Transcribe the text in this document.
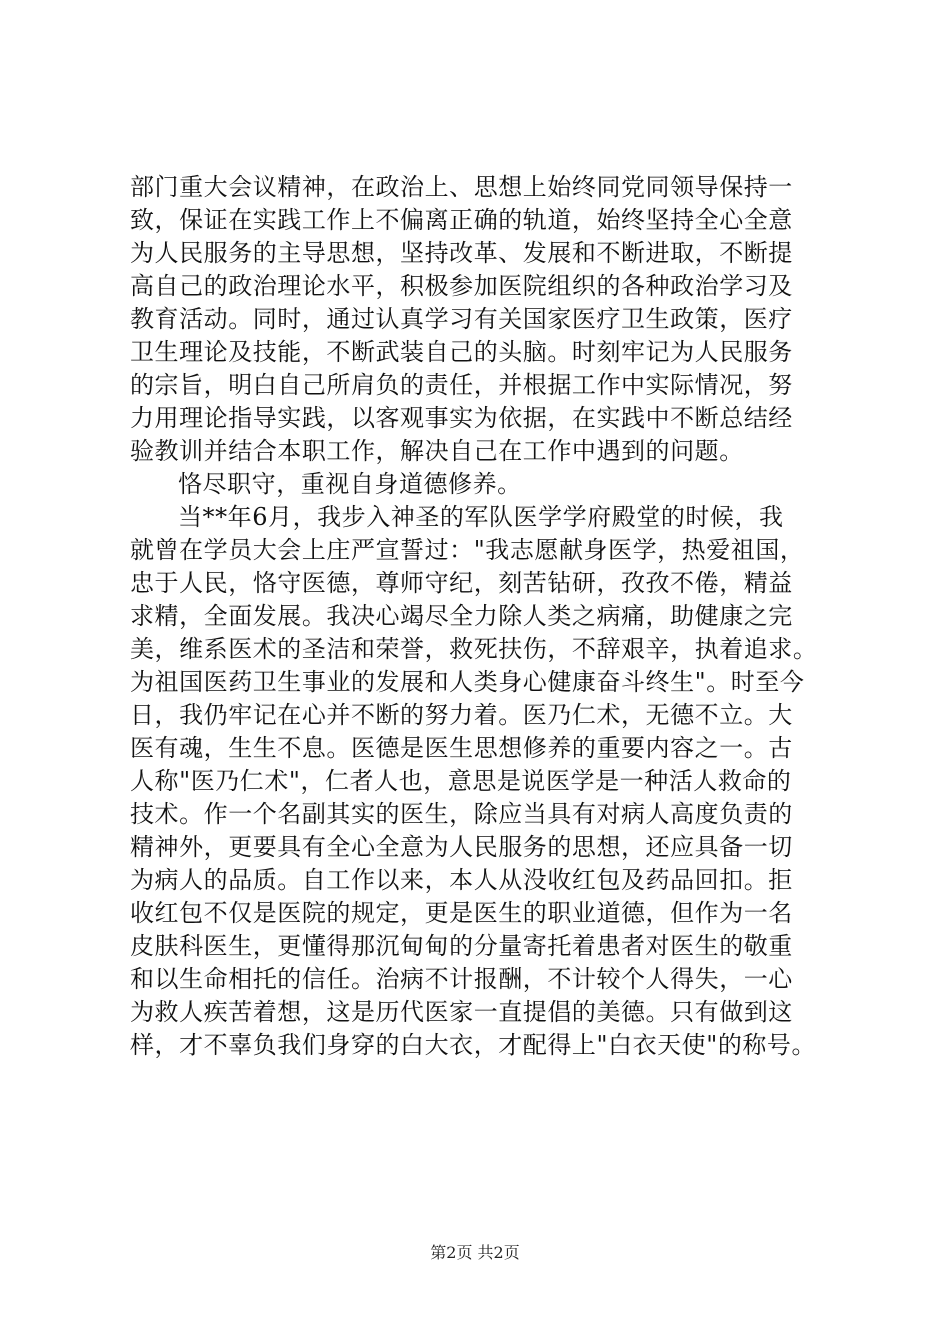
部门重大会议精神，在政治上、思想上始终同党同领导保持一
致，保证在实践工作上不偏离正确的轨道，始终坚持全心全意
为人民服务的主导思想，坚持改革、发展和不断进取，不断提
高自己的政治理论水平，积极参加医院组织的各种政治学习及
教育活动。同时，通过认真学习有关国家医疗卫生政策，医疗
卫生理论及技能，不断武装自己的头脑。时刻牢记为人民服务
的宗旨，明白自己所肩负的责任，并根据工作中实际情况，努
力用理论指导实践，以客观事实为依据，在实践中不断总结经
验教训并结合本职工作，解决自己在工作中遇到的问题。
恪尽职守，重视自身道德修养。
当**年6月，我步入神圣的军队医学学府殿堂的时候，我
就曾在学员大会上庄严宣誓过："我志愿献身医学，热爱祖国，
忠于人民，恪守医德，尊师守纪，刻苦钻研，孜孜不倦，精益
求精，全面发展。我决心竭尽全力除人类之病痛，助健康之完
美，维系医术的圣洁和荣誉，救死扶伤，不辞艰辛，执着追求。
为祖国医药卫生事业的发展和人类身心健康奋斗终生"。时至今
日，我仍牢记在心并不断的努力着。医乃仁术，无德不立。大
医有魂，生生不息。医德是医生思想修养的重要内容之一。古
人称"医乃仁术"，仁者人也，意思是说医学是一种活人救命的
技术。作一个名副其实的医生，除应当具有对病人高度负责的
精神外，更要具有全心全意为人民服务的思想，还应具备一切
为病人的品质。自工作以来，本人从没收红包及药品回扣。拒
收红包不仅是医院的规定，更是医生的职业道德，但作为一名
皮肤科医生，更懂得那沉甸甸的分量寄托着患者对医生的敬重
和以生命相托的信任。治病不计报酬，不计较个人得失，一心
为救人疾苦着想，这是历代医家一直提倡的美德。只有做到这
样，才不辜负我们身穿的白大衣，才配得上"白衣天使"的称号。
第2页 共2页
